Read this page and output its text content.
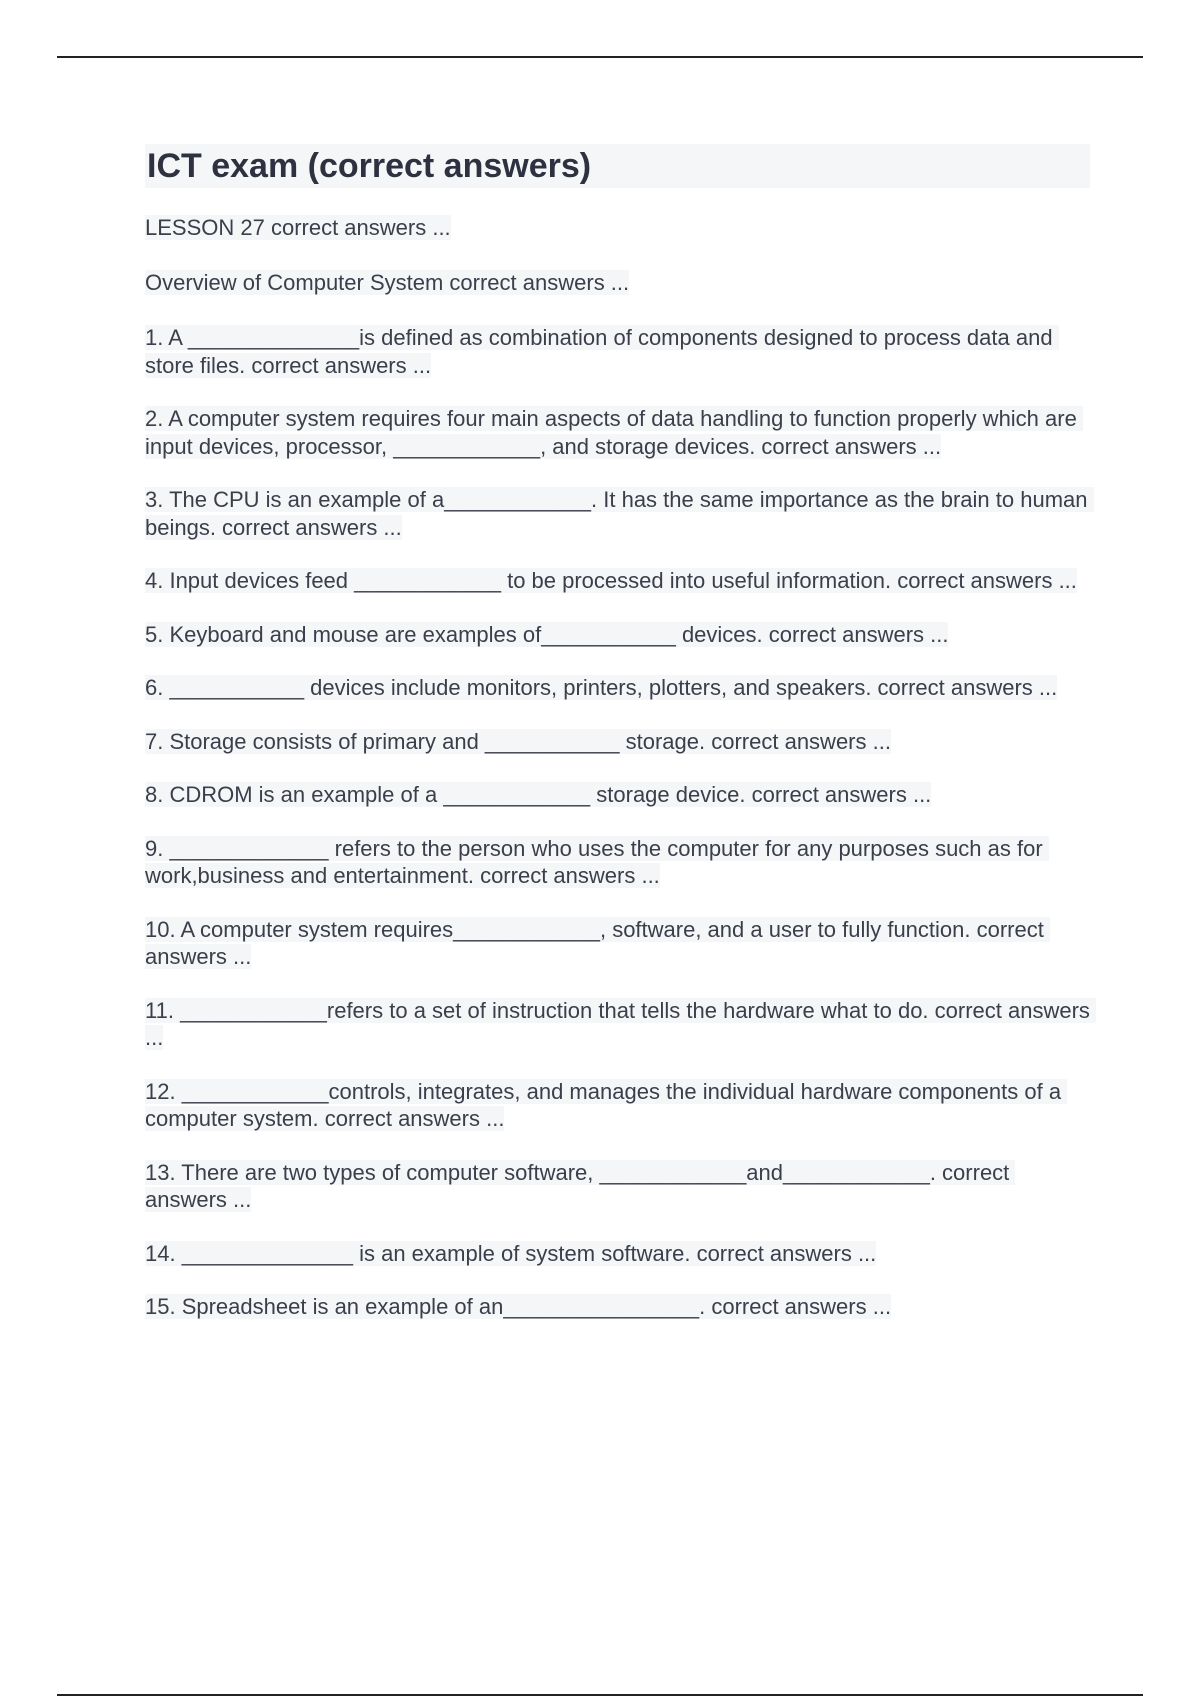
ICT exam (correct answers)

LESSON 27 correct answers ...

Overview of Computer System correct answers ...

1. A ______________is defined as combination of components designed to process data and store files. correct answers ...

2. A computer system requires four main aspects of data handling to function properly which are input devices, processor, ____________, and storage devices. correct answers ...

3. The CPU is an example of a____________. It has the same importance as the brain to human beings. correct answers ...

4. Input devices feed ____________ to be processed into useful information. correct answers ...

5. Keyboard and mouse are examples of___________ devices. correct answers ...

6. ___________ devices include monitors, printers, plotters, and speakers. correct answers ...

7. Storage consists of primary and ___________ storage. correct answers ...

8. CDROM is an example of a ____________ storage device. correct answers ...

9. _____________ refers to the person who uses the computer for any purposes such as for work,business and entertainment. correct answers ...

10. A computer system requires____________, software, and a user to fully function. correct answers ...

11. ____________refers to a set of instruction that tells the hardware what to do. correct answers ...

12. ____________controls, integrates, and manages the individual hardware components of a computer system. correct answers ...

13. There are two types of computer software, ____________and____________. correct answers ...

14. ______________ is an example of system software. correct answers ...

15. Spreadsheet is an example of an________________. correct answers ...
